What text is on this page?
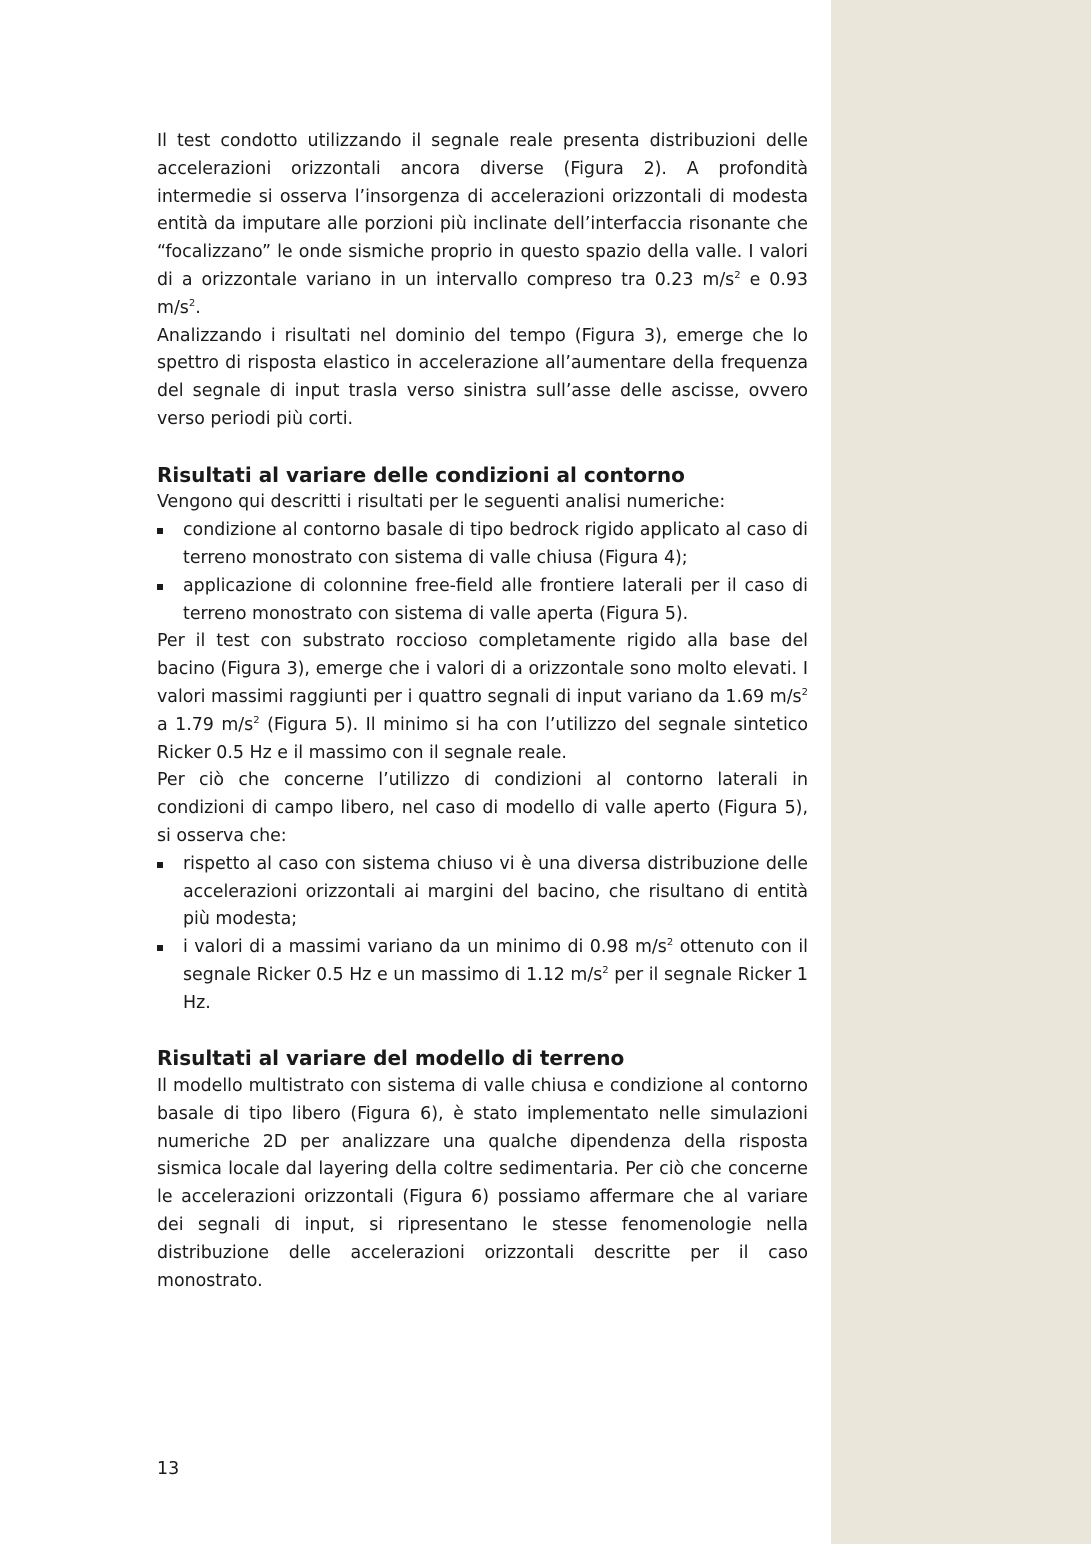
Il test condotto utilizzando il segnale reale presenta distribuzioni delle accelerazioni orizzontali ancora diverse (Figura 2). A profondità intermedie si osserva l’insorgenza di accelerazioni orizzontali di modesta entità da imputare alle porzioni più inclinate dell’interfaccia risonante che “focalizzano” le onde sismiche proprio in questo spazio della valle. I valori di a orizzontale variano in un intervallo compreso tra 0.23 $m/s^2$ e 0.93 $m/s^2$.

Analizzando i risultati nel dominio del tempo (Figura 3), emerge che lo spettro di risposta elastico in accelerazione all’aumentare della frequenza del segnale di input trasla verso sinistra sull’asse delle ascisse, ovvero verso periodi più corti.

Risultati al variare delle condizioni al contorno

Vengono qui descritti i risultati per le seguenti analisi numeriche:

condizione al contorno basale di tipo bedrock rigido applicato al caso di terreno monostrato con sistema di valle chiusa (Figura 4);
applicazione di colonnine free-field alle frontiere laterali per il caso di terreno monostrato con sistema di valle aperta (Figura 5).

Per il test con substrato roccioso completamente rigido alla base del bacino (Figura 3), emerge che i valori di a orizzontale sono molto elevati. I valori massimi raggiunti per i quattro segnali di input variano da 1.69 $m/s^2$ a 1.79 $m/s^2$ (Figura 5). Il minimo si ha con l’utilizzo del segnale sintetico Ricker 0.5 Hz e il massimo con il segnale reale.

Per ciò che concerne l’utilizzo di condizioni al contorno laterali in condizioni di campo libero, nel caso di modello di valle aperto (Figura 5), si osserva che:

rispetto al caso con sistema chiuso vi è una diversa distribuzione delle accelerazioni orizzontali ai margini del bacino, che risultano di entità più modesta;
i valori di a massimi variano da un minimo di 0.98 $m/s^2$ ottenuto con il segnale Ricker 0.5 Hz e un massimo di 1.12 $m/s^2$ per il segnale Ricker 1 Hz.
Risultati al variare del modello di terreno

Il modello multistrato con sistema di valle chiusa e condizione al contorno basale di tipo libero (Figura 6), è stato implementato nelle simulazioni numeriche 2D per analizzare una qualche dipendenza della risposta sismica locale dal layering della coltre sedimentaria. Per ciò che concerne le accelerazioni orizzontali (Figura 6) possiamo affermare che al variare dei segnali di input, si ripresentano le stesse fenomenologie nella distribuzione delle accelerazioni orizzontali descritte per il caso monostrato.

13
